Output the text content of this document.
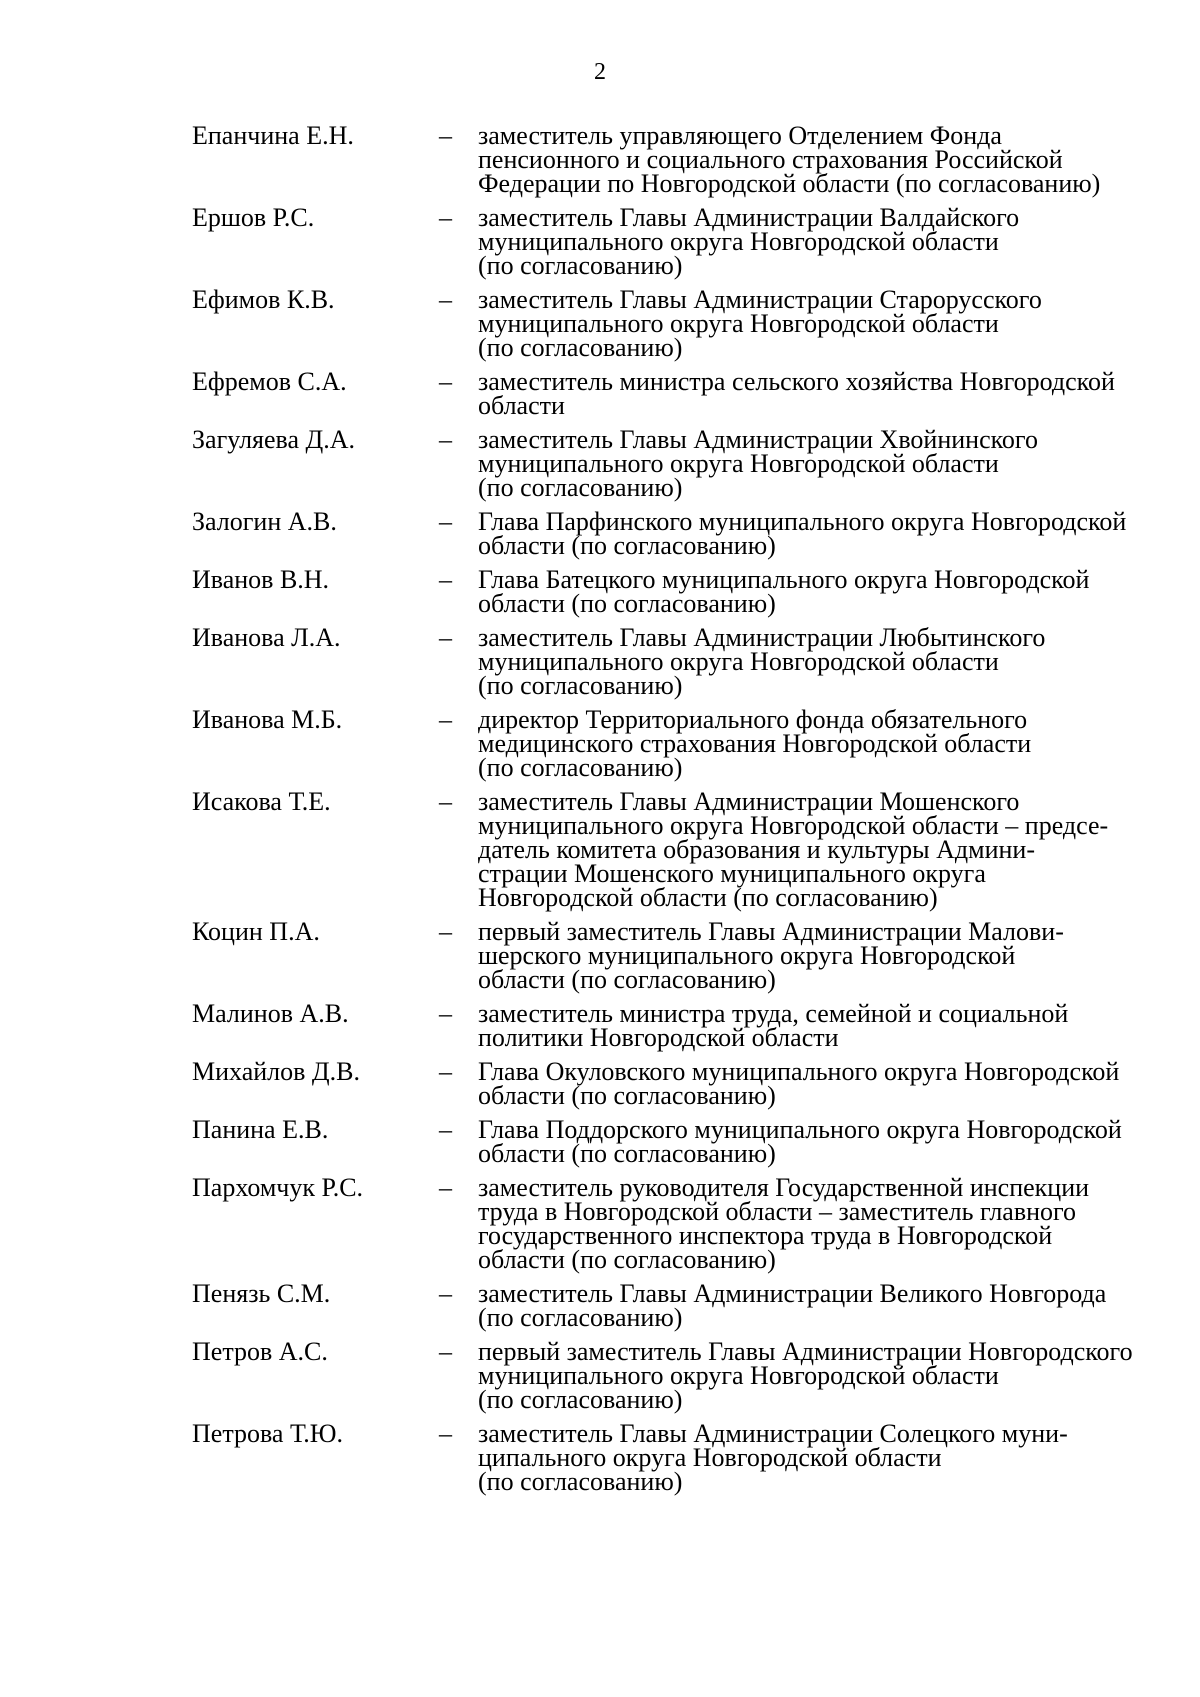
2
Епанчина Е.Н.	–	заместитель управляющего Отделением Фонда
пенсионного и социального страхования Российской
Федерации по Новгородской области (по согласованию)
Ершов Р.С.	–	заместитель Главы Администрации Валдайского
муниципального округа Новгородской области
(по согласованию)
Ефимов К.В.	–	заместитель Главы Администрации Старорусского
муниципального округа Новгородской области
(по согласованию)
Ефремов С.А.	–	заместитель министра сельского хозяйства Новгородской
области
Загуляева Д.А.	–	заместитель Главы Администрации Хвойнинского
муниципального округа Новгородской области
(по согласованию)
Залогин А.В.	–	Глава Парфинского муниципального округа Новгородской
области (по согласованию)
Иванов В.Н.	–	Глава Батецкого муниципального округа Новгородской
области (по согласованию)
Иванова Л.А.	–	заместитель Главы Администрации Любытинского
муниципального округа Новгородской области
(по согласованию)
Иванова М.Б.	–	директор Территориального фонда обязательного
медицинского страхования Новгородской области
(по согласованию)
Исакова Т.Е.	–	заместитель Главы Администрации Мошенского
муниципального округа Новгородской области – предсе-
датель комитета образования и культуры Админи-
страции Мошенского муниципального округа
Новгородской области (по согласованию)
Коцин П.А.	–	первый заместитель Главы Администрации Малови-
шерского муниципального округа Новгородской
области (по согласованию)
Малинов А.В.	–	заместитель министра труда, семейной и социальной
политики Новгородской области
Михайлов Д.В.	–	Глава Окуловского муниципального округа Новгородской
области (по согласованию)
Панина Е.В.	–	Глава Поддорского муниципального округа Новгородской
области (по согласованию)
Пархомчук Р.С.	–	заместитель руководителя Государственной инспекции
труда в Новгородской области – заместитель главного
государственного инспектора труда в Новгородской
области (по согласованию)
Пенязь С.М.	–	заместитель Главы Администрации Великого Новгорода
(по согласованию)
Петров А.С.	–	первый заместитель Главы Администрации Новгородского
муниципального округа Новгородской области
(по согласованию)
Петрова Т.Ю.	–	заместитель Главы Администрации Солецкого муни-
ципального округа Новгородской области
(по согласованию)
